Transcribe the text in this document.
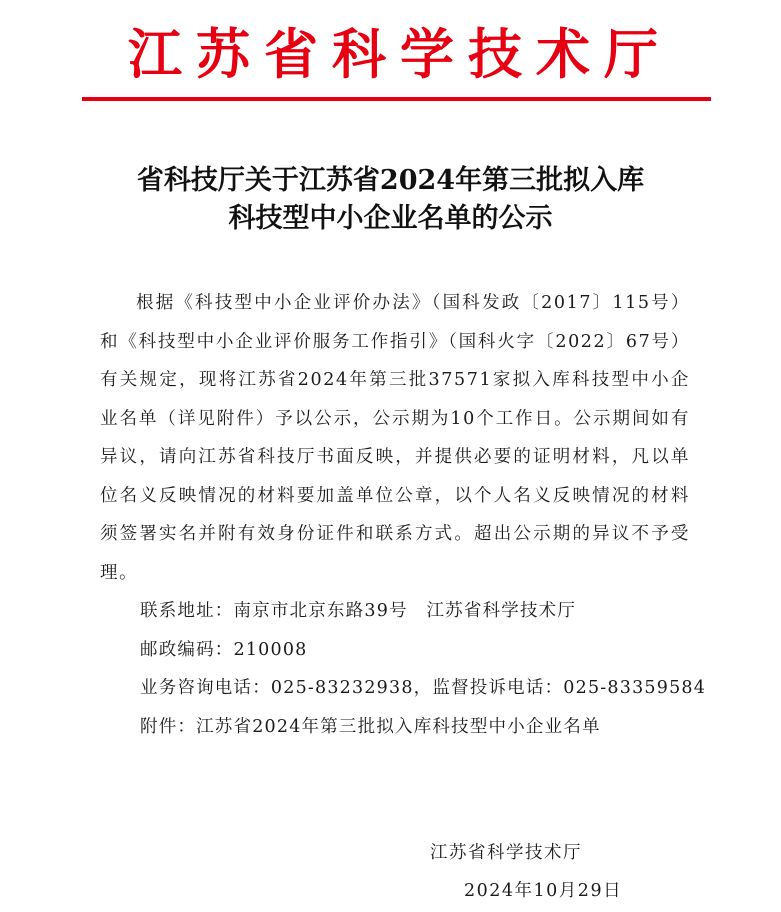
江苏省科学技术厅
省科技厅关于江苏省2024年第三批拟入库
科技型中小企业名单的公示
根据《科技型中小企业评价办法》（国科发政〔2017〕115号）和《科技型中小企业评价服务工作指引》（国科火字〔2022〕67号）有关规定，现将江苏省2024年第三批37571家拟入库科技型中小企业名单（详见附件）予以公示，公示期为10个工作日。公示期间如有异议，请向江苏省科技厅书面反映，并提供必要的证明材料，凡以单位名义反映情况的材料要加盖单位公章，以个人名义反映情况的材料须签署实名并附有效身份证件和联系方式。超出公示期的异议不予受理。
联系地址：南京市北京东路39号　江苏省科学技术厅
邮政编码：210008
业务咨询电话：025-83232938，监督投诉电话：025-83359584
附件：江苏省2024年第三批拟入库科技型中小企业名单
江苏省科学技术厅
2024年10月29日
